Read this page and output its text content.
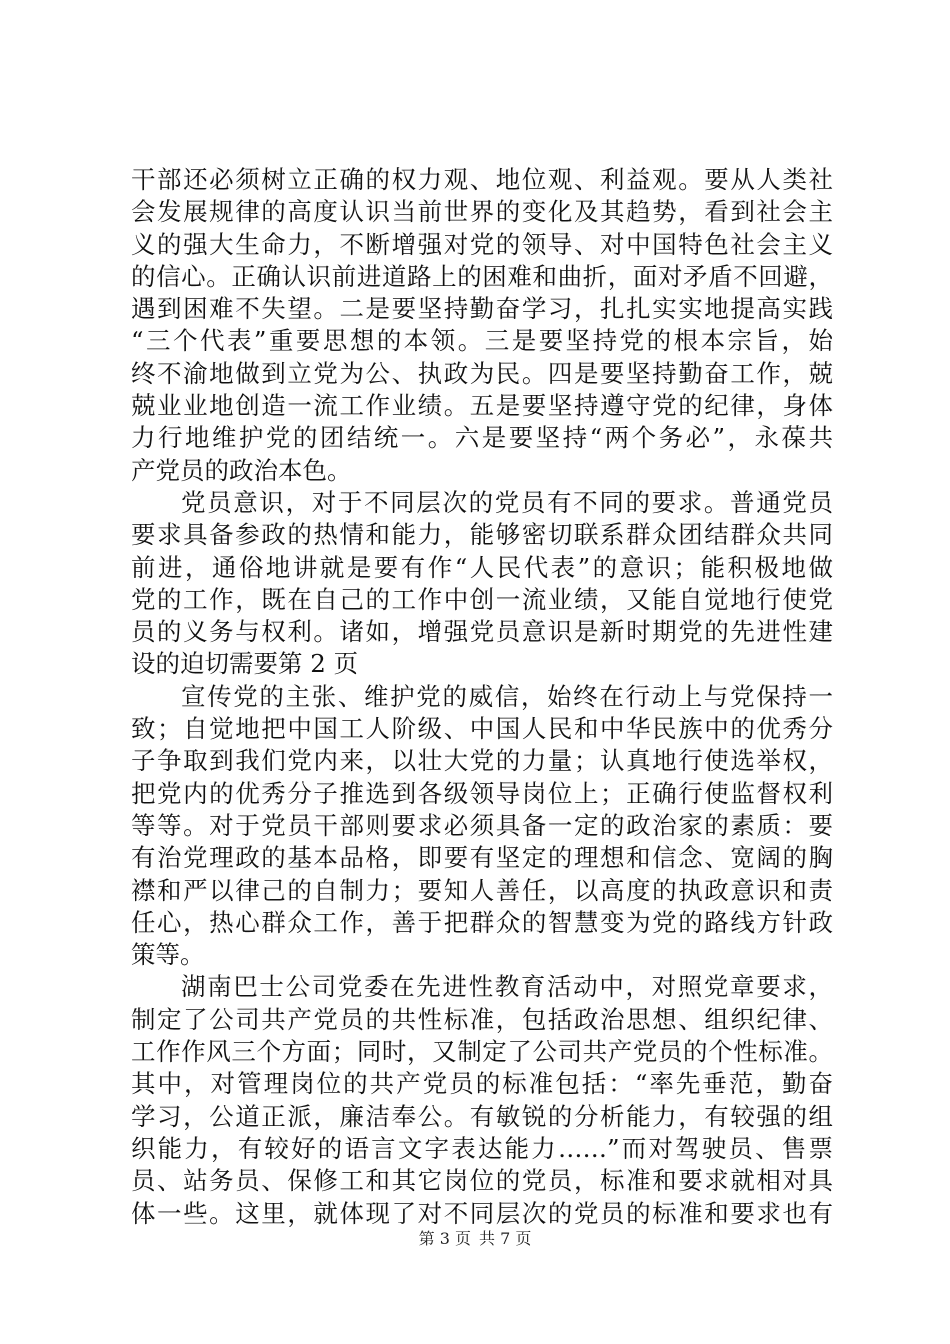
干部还必须树立正确的权力观、地位观、利益观。要从人类社
会发展规律的高度认识当前世界的变化及其趋势，看到社会主
义的强大生命力，不断增强对党的领导、对中国特色社会主义
的信心。正确认识前进道路上的困难和曲折，面对矛盾不回避，
遇到困难不失望。二是要坚持勤奋学习，扎扎实实地提高实践
“三个代表”重要思想的本领。三是要坚持党的根本宗旨，始
终不渝地做到立党为公、执政为民。四是要坚持勤奋工作，兢
兢业业地创造一流工作业绩。五是要坚持遵守党的纪律，身体
力行地维护党的团结统一。六是要坚持“两个务必”，永葆共
产党员的政治本色。
党员意识，对于不同层次的党员有不同的要求。普通党员
要求具备参政的热情和能力，能够密切联系群众团结群众共同
前进，通俗地讲就是要有作“人民代表”的意识；能积极地做
党的工作，既在自己的工作中创一流业绩，又能自觉地行使党
员的义务与权利。诸如，增强党员意识是新时期党的先进性建
设的迫切需要第 2 页
宣传党的主张、维护党的威信，始终在行动上与党保持一
致；自觉地把中国工人阶级、中国人民和中华民族中的优秀分
子争取到我们党内来，以壮大党的力量；认真地行使选举权，
把党内的优秀分子推选到各级领导岗位上；正确行使监督权利
等等。对于党员干部则要求必须具备一定的政治家的素质：要
有治党理政的基本品格，即要有坚定的理想和信念、宽阔的胸
襟和严以律己的自制力；要知人善任，以高度的执政意识和责
任心，热心群众工作，善于把群众的智慧变为党的路线方针政
策等。
湖南巴士公司党委在先进性教育活动中，对照党章要求，
制定了公司共产党员的共性标准，包括政治思想、组织纪律、
工作作风三个方面；同时，又制定了公司共产党员的个性标准。
其中，对管理岗位的共产党员的标准包括：“率先垂范，勤奋
学习，公道正派，廉洁奉公。有敏锐的分析能力，有较强的组
织能力，有较好的语言文字表达能力……”而对驾驶员、售票
员、站务员、保修工和其它岗位的党员，标准和要求就相对具
体一些。这里，就体现了对不同层次的党员的标准和要求也有
第 3 页 共 7 页
